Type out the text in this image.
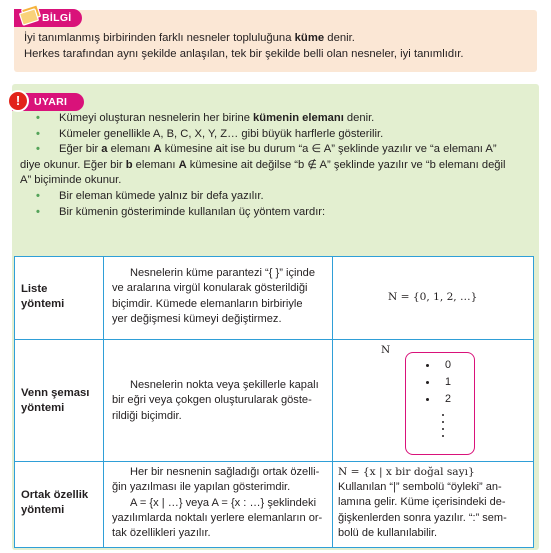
BİLGİ
İyi tanımlanmış birbirinden farklı nesneler topluluğuna küme denir.
Herkes tarafından aynı şekilde anlaşılan, tek bir şekilde belli olan nesneler, iyi tanımlıdır.
UYARI
!
• Kümeyi oluşturan nesnelerin her birine kümenin elemanı denir.
• Kümeler genellikle A, B, C, X, Y, Z… gibi büyük harflerle gösterilir.
• Eğer bir a elemanı A kümesine ait ise bu durum “a ∈ A” şeklinde yazılır ve “a elemanı A”
diye okunur. Eğer bir b elemanı A kümesine ait değilse “b ∉ A” şeklinde yazılır ve “b elemanı değil
A” biçiminde okunur.
• Bir eleman kümede yalnız bir defa yazılır.
• Bir kümenin gösteriminde kullanılan üç yöntem vardır:
Liste
yöntemi

Nesnelerin küme parantezi “{ }” içinde

ve aralarına virgül konularak gösterildiği
biçimdir. Kümede elemanların birbiriyle
yer değişmesi kümeyi değiştirmez.
N = {0, 1, 2, …}
Venn şeması
yöntemi

Nesnelerin nokta veya şekillerle kapalı

bir eğri veya çokgen oluşturularak göste-
rildiği biçimdir.
Ortak özellik
yöntemi

Her bir nesnenin sağladığı ortak özelli-

ğin yazılması ile yapılan gösterimdir.

A = {x | …} veya A = {x : …} şeklindeki

yazılımlarda noktalı yerlere elemanların or-
tak özellikleri yazılır.
N
0
1
2
N = {x | x bir doğal sayı}
Kullanılan “|” sembolü “öyleki” an-
lamına gelir. Küme içerisindeki de-
ğişkenlerden sonra yazılır. “:” sem-
bolü de kullanılabilir.
